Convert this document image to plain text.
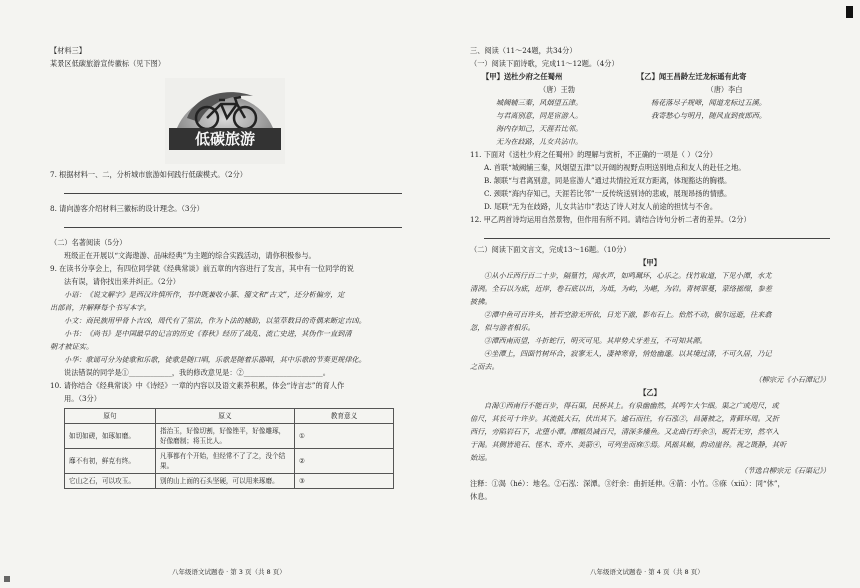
【材料三】

某景区低碳旅游宣传徽标（见下图）

7. 根据材料一、二，分析城市旅游如何践行低碳模式。（2分）

8. 请向游客介绍材料三徽标的设计理念。（3分）

（二）名著阅读（5分）

班级正在开展以“文海遨游、品味经典”为主题的综合实践活动，请你积极参与。

9. 在读书分享会上，有四位同学就《经典常谈》前五章的内容进行了发言，其中有一位同学的说

法有误，请你找出来并纠正。（2分）

小语：《说文解字》是西汉许慎所作，书中既兼收小篆、籀文和“古文”，还分析偏旁，定

出部首，并解释每个书写本字。

小文：商民族用甲骨卜吉凶，周代有了筮法，作为卜法的辅助，以筮草数目的奇偶来断定吉凶。

小书：《尚书》是中国最早的记言的历史《春秋》经历了战乱、流亡史进，其伪作一直到清

朝才被证实。

小华：歌谣可分为徒歌和乐歌，徒歌是随口唱，乐歌是随着乐器唱，其中乐歌的节奏更规律化。

说法错误的同学是①____________，我的修改意见是：②______________________。

10. 请你结合《经典常谈》中《诗经》一章的内容以及语文素养积累，体会“诗言志”的育人作

用。（3分）

原句	原义	教育意义
如切如磋，如琢如磨。	指治玉，好像切割，好像锉平，好像雕琢，好像磨制；将玉比人。	①
靡不有初，鲜克有终。	凡事都有个开始，但经常不了了之，没个结果。	②
它山之石，可以攻玉。	别的山上面的石头坚硬，可以用来琢磨。	③
低碳旅游
八年级语文试题卷 · 第 3 页（共 8 页）

三、阅读（11～24题，共34分）

（一）阅读下面诗歌，完成11～12题。（4分）

【甲】送杜少府之任蜀州

（唐）王勃

城阙辅三秦，风烟望五津。

与君离别意，同是宦游人。

海内存知己，天涯若比邻。

无为在歧路，儿女共沾巾。

【乙】闻王昌龄左迁龙标遥有此寄

（唐）李白

杨花落尽子规啼，闻道龙标过五溪。

我寄愁心与明月，随风直到夜郎西。

11. 下面对《送杜少府之任蜀州》的理解与赏析，不正确的一项是（ ）（2分）

A. 首联“城阙辅三秦，风烟望五津”以开阔的视野点明送别地点和友人的赴任之地。

B. 颔联“与君离别意，同是宦游人”通过共情拉近双方距离，体现豁达的胸襟。

C. 颈联“海内存知己，天涯若比邻”一反传统送别诗的悲戚，展现昂扬的情感。

D. 尾联“无为在歧路，儿女共沾巾”表达了诗人对友人前途的担忧与不舍。

12. 甲乙两首诗均运用自然景物，但作用有所不同。请结合诗句分析二者的差异。（2分）

（二）阅读下面文言文，完成13～16题。（10分）

【甲】

①从小丘西行百二十步，隔篁竹，闻水声，如鸣珮环，心乐之。伐竹取道，下见小潭，水尤

清冽。全石以为底，近岸，卷石底以出，为坻，为屿，为嵁，为岩。青树翠蔓，蒙络摇缀，参差

披拂。

②潭中鱼可百许头，皆若空游无所依，日光下澈，影布石上。佁然不动，俶尔远逝，往来翕

忽，似与游者相乐。

③潭西南而望，斗折蛇行，明灭可见。其岸势犬牙差互，不可知其源。

④坐潭上，四面竹树环合，寂寥无人，凄神寒骨，悄怆幽邃。以其境过清，不可久居，乃记

之而去。

（柳宗元《小石潭记》）

【乙】

自渴①西南行不能百步，得石渠，民桥其上。有泉幽幽然，其鸣乍大乍细。渠之广或咫尺，或

倍尺，其长可十许步。其流抵大石，伏出其下。逾石而往，有石泓②，昌蒲被之，青藓环周。又折

西行，旁陷岩石下，北堕小潭。潭幅员减百尺，清深多鯈鱼。又北曲行纡余③，睨若无穷，然卒入

于渴。其侧皆诡石、怪木、奇卉、美箭④，可列坐而庥⑤焉。风摇其巅，韵动崖谷。视之既静，其听

始远。

（节选自柳宗元《石渠记》）

注释：①渴（hé）：地名。②石泓：深潭。③纡余：曲折延伸。④箭：小竹。⑤庥（xiū）：同“休”，

休息。

八年级语文试题卷 · 第 4 页（共 8 页）
